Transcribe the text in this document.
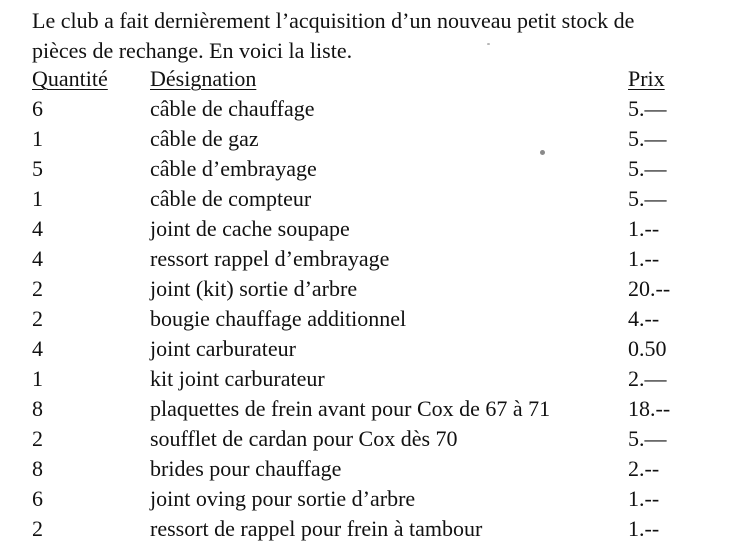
Le club a fait dernièrement l’acquisition d’un nouveau petit stock de
pièces de rechange. En voici la liste.
Quantité	Désignation	Prix
6	câble de chauffage	5.—
1	câble de gaz	5.—
5	câble d’embrayage	5.—
1	câble de compteur	5.—
4	joint de cache soupape	1.--
4	ressort rappel d’embrayage	1.--
2	joint (kit) sortie d’arbre	20.--
2	bougie chauffage additionnel	4.--
4	joint carburateur	0.50
1	kit joint carburateur	2.—
8	plaquettes de frein avant pour Cox de 67 à 71	18.--
2	soufflet de cardan pour Cox dès 70	5.—
8	brides pour chauffage	2.--
6	joint oving pour sortie d’arbre	1.--
2	ressort de rappel pour frein à tambour	1.--
